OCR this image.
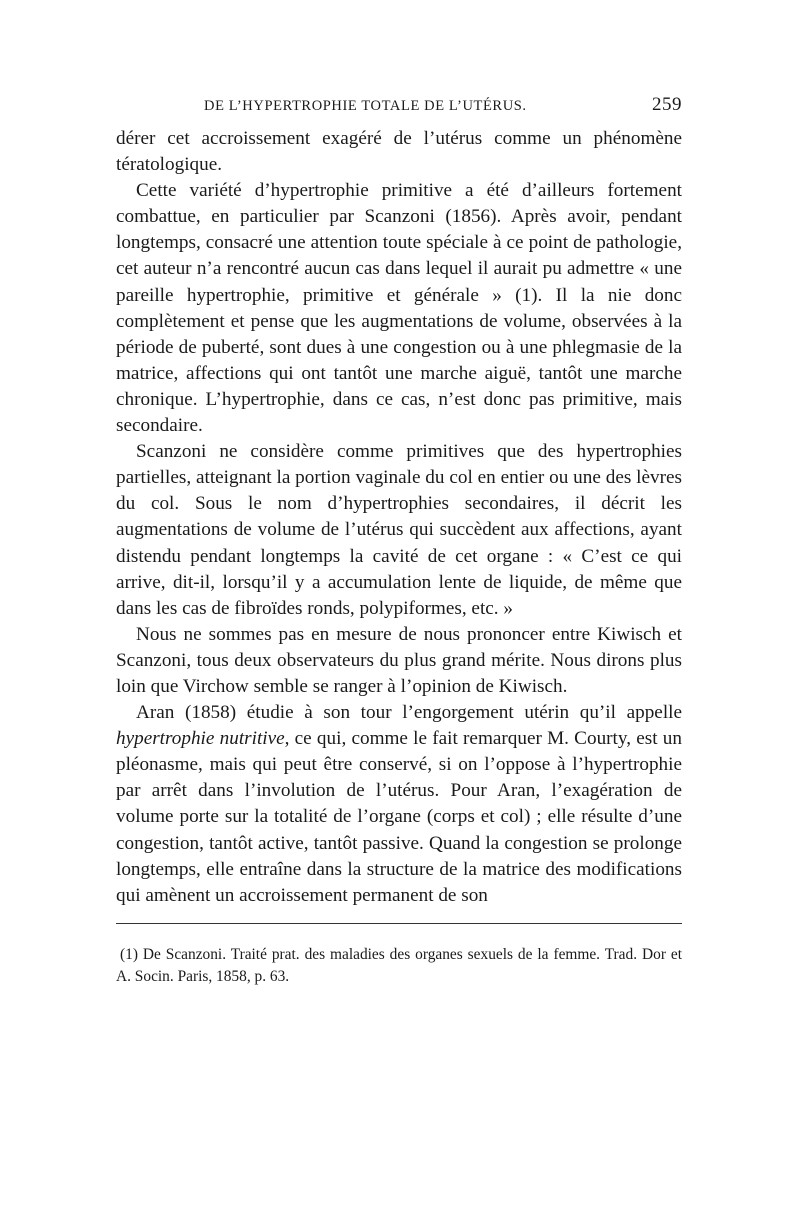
DE L’HYPERTROPHIE TOTALE DE L’UTÉRUS.	259

dérer cet accroissement exagéré de l’utérus comme un phénomène tératologique.

Cette variété d’hypertrophie primitive a été d’ailleurs fortement combattue, en particulier par Scanzoni (1856). Après avoir, pendant longtemps, consacré une attention toute spéciale à ce point de pathologie, cet auteur n’a rencontré aucun cas dans lequel il aurait pu admettre « une pareille hypertrophie, primitive et générale » (1). Il la nie donc complètement et pense que les augmentations de volume, observées à la période de puberté, sont dues à une congestion ou à une phlegmasie de la matrice, affections qui ont tantôt une marche aiguë, tantôt une marche chronique. L’hypertrophie, dans ce cas, n’est donc pas primitive, mais secondaire.

Scanzoni ne considère comme primitives que des hypertrophies partielles, atteignant la portion vaginale du col en entier ou une des lèvres du col. Sous le nom d’hypertrophies secondaires, il décrit les augmentations de volume de l’utérus qui succèdent aux affections, ayant distendu pendant longtemps la cavité de cet organe : « C’est ce qui arrive, dit-il, lorsqu’il y a accumulation lente de liquide, de même que dans les cas de fibroïdes ronds, polypiformes, etc. »

Nous ne sommes pas en mesure de nous prononcer entre Kiwisch et Scanzoni, tous deux observateurs du plus grand mérite. Nous dirons plus loin que Virchow semble se ranger à l’opinion de Kiwisch.

Aran (1858) étudie à son tour l’engorgement utérin qu’il appelle hypertrophie nutritive, ce qui, comme le fait remarquer M. Courty, est un pléonasme, mais qui peut être conservé, si on l’oppose à l’hypertrophie par arrêt dans l’involution de l’utérus. Pour Aran, l’exagération de volume porte sur la totalité de l’organe (corps et col) ; elle résulte d’une congestion, tantôt active, tantôt passive. Quand la congestion se prolonge longtemps, elle entraîne dans la structure de la matrice des modifications qui amènent un accroissement permanent de son

(1) De Scanzoni. Traité prat. des maladies des organes sexuels de la femme. Trad. Dor et A. Socin. Paris, 1858, p. 63.
